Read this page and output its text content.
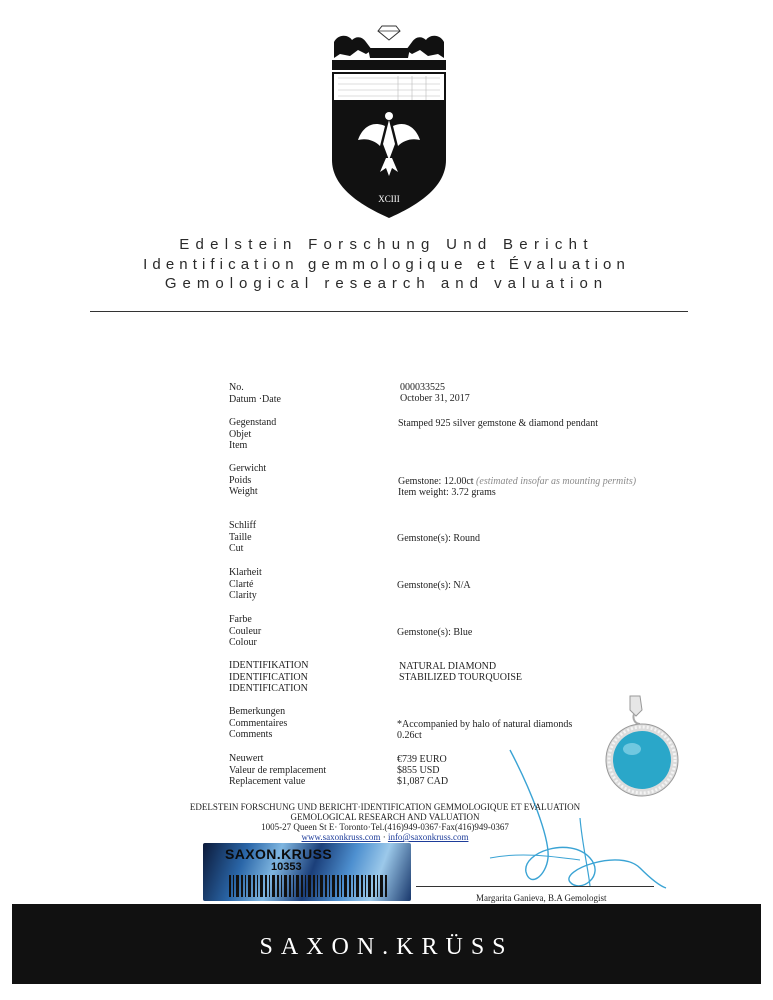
XCIII
Edelstein Forschung Und Bericht
Identification gemmologique et Évaluation
Gemological research and valuation
No.
Datum ·Date
Gegenstand
Objet
Item
Gerwicht
Poids
Weight
Schliff
Taille
Cut
Klarheit
Clarté
Clarity
Farbe
Couleur
Colour
IDENTIFIKATION
IDENTIFICATION
IDENTIFICATION
Bemerkungen
Commentaires
Comments
Neuwert
Valeur de remplacement
Replacement value
000033525
October 31, 2017
Stamped 925 silver gemstone & diamond pendant
Gemstone: 12.00ct (estimated insofar as mounting permits)
Item weight: 3.72 grams
Gemstone(s): Round
Gemstone(s): N/A
Gemstone(s): Blue
NATURAL DIAMOND
STABILIZED TOURQUOISE
*Accompanied by halo of natural diamonds
0.26ct
€739 EURO
$855 USD
$1,087 CAD
EDELSTEIN FORSCHUNG UND BERICHT·IDENTIFICATION GEMMOLOGIQUE ET EVALUATION
GEMOLOGICAL RESEARCH AND VALUATION
1005-27 Queen St E· Toronto·Tel.(416)949-0367·Fax(416)949-0367
www.saxonkruss.com · info@saxonkruss.com
SAXON.KRUSS
10353
Margarita Ganieva, B.A Gemologist
SAXON.KRÜSS
